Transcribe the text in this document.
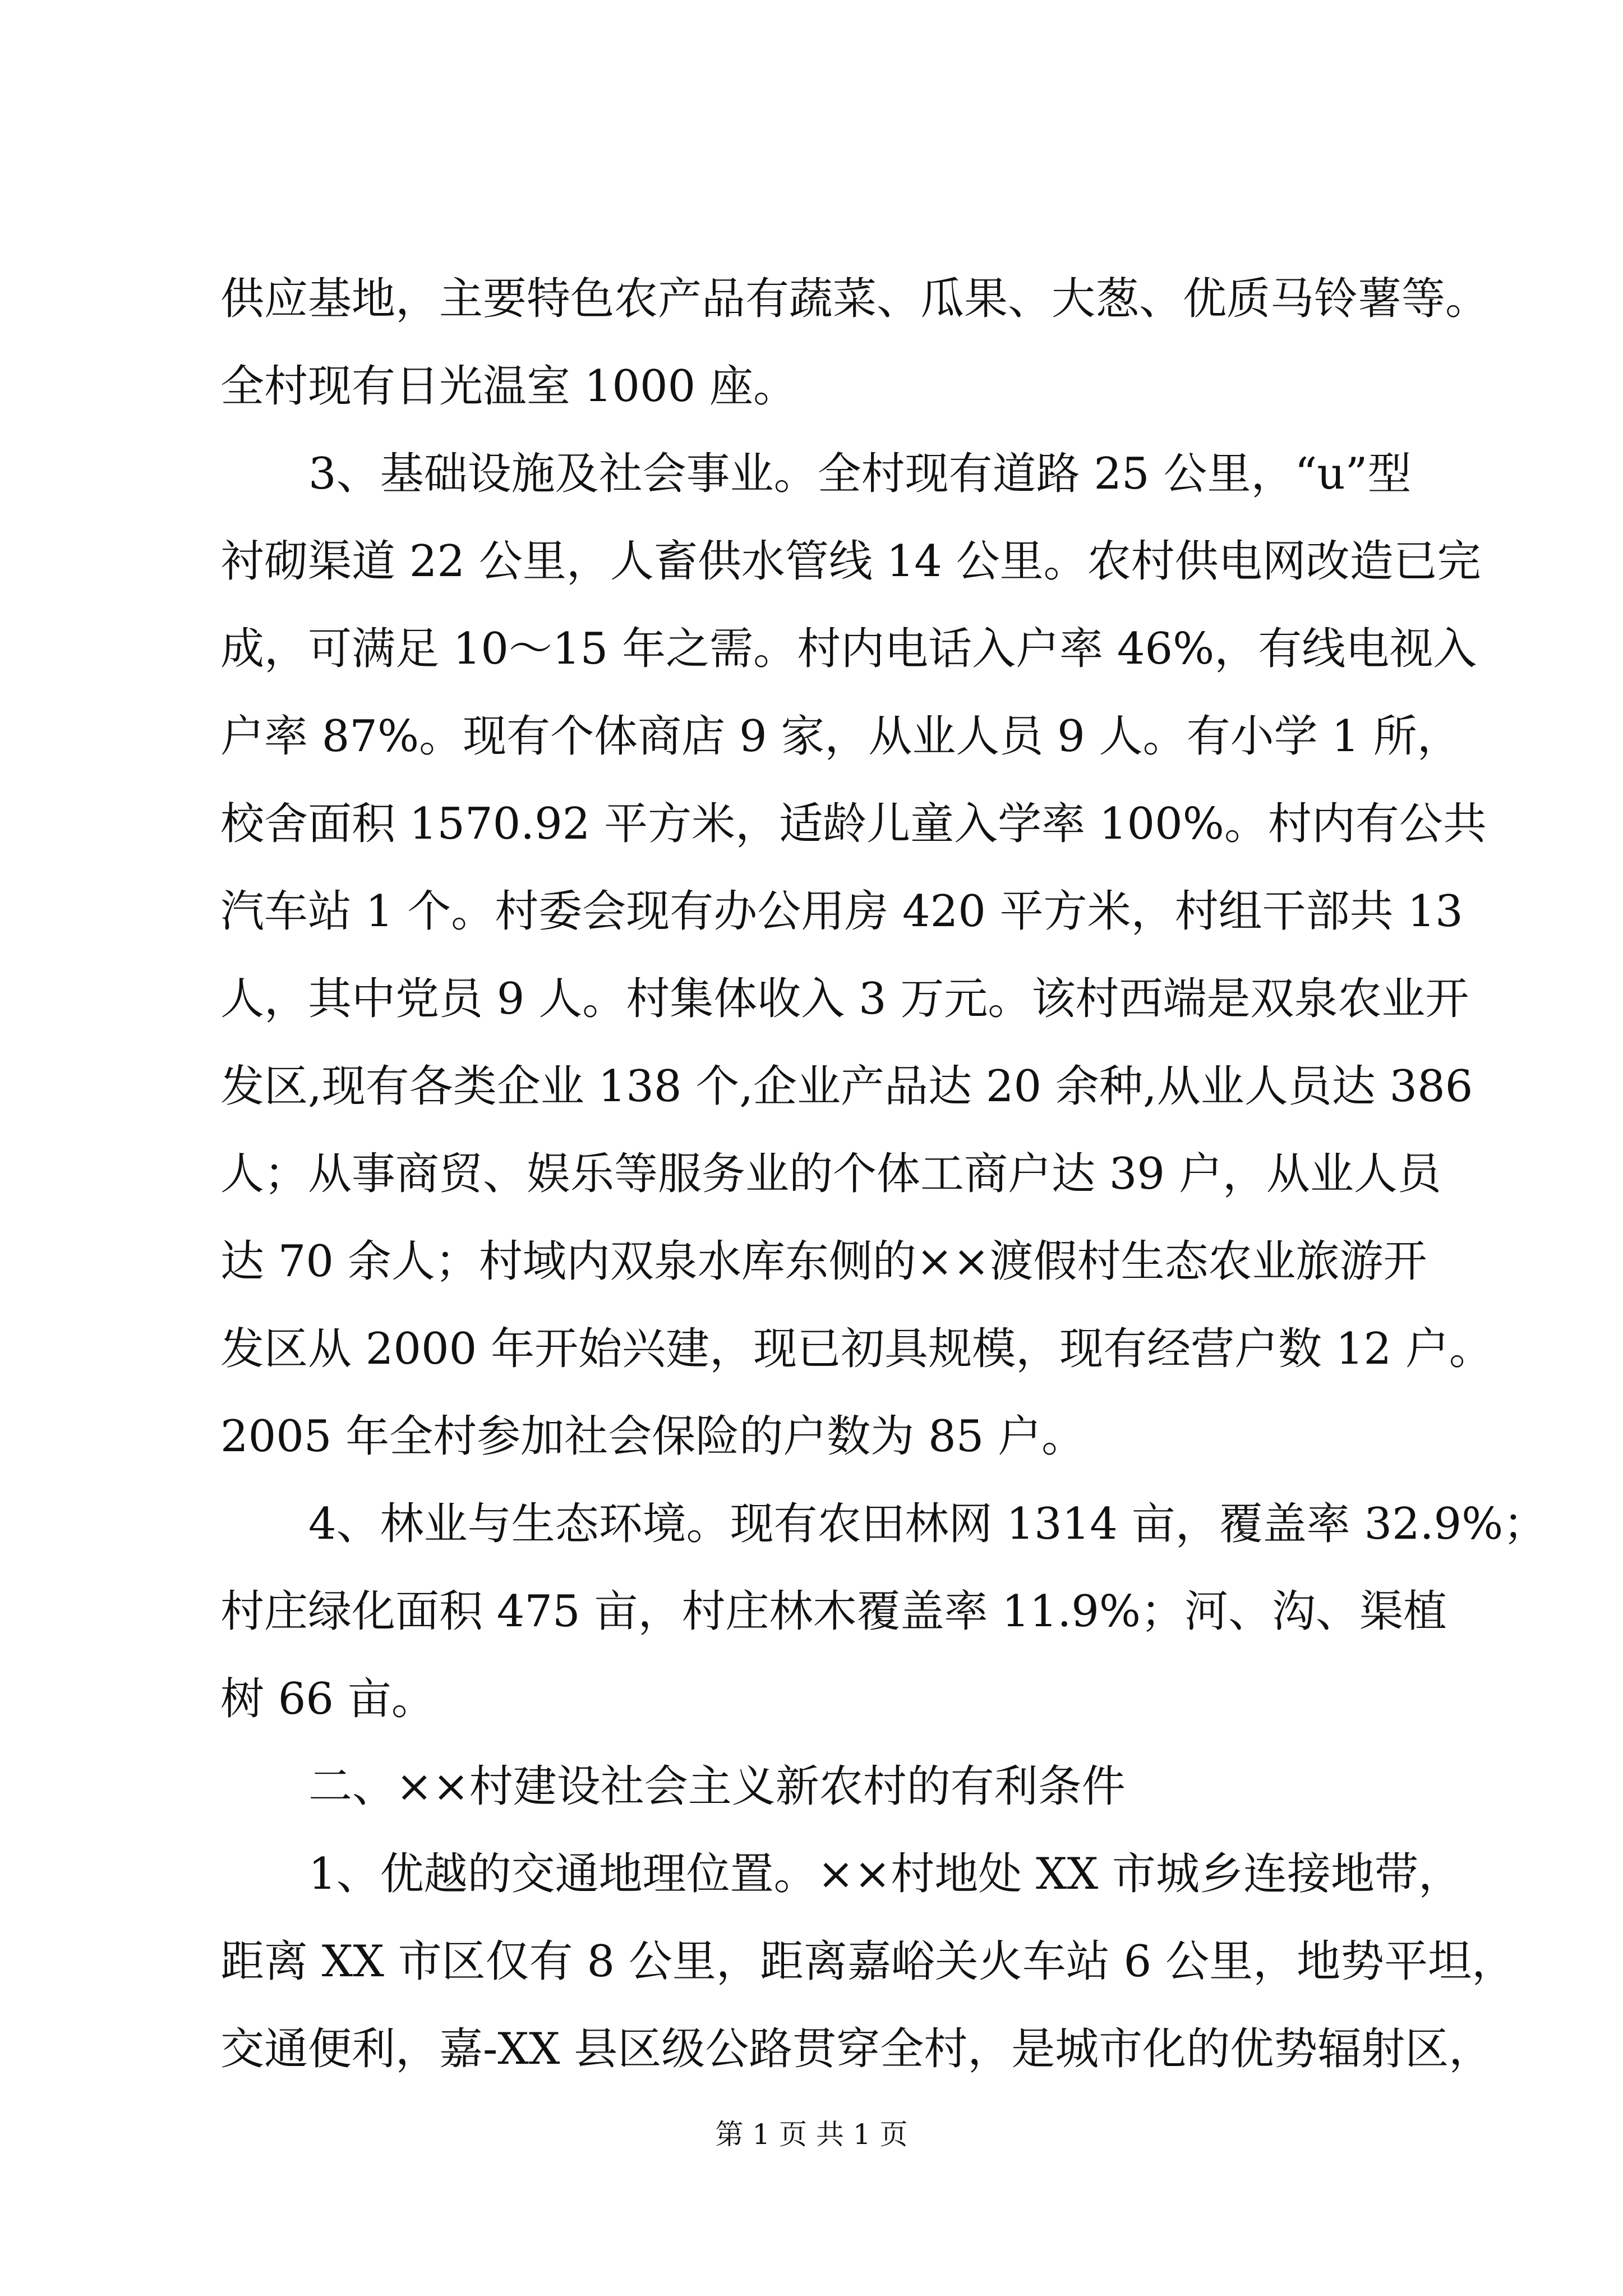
供应基地，主要特色农产品有蔬菜、瓜果、大葱、优质马铃薯等。
全村现有日光温室 1000 座。
3、基础设施及社会事业。全村现有道路 25 公里，“u”型
衬砌渠道 22 公里，人畜供水管线 14 公里。农村供电网改造已完
成，可满足 10～15 年之需。村内电话入户率 46%，有线电视入
户率 87%。现有个体商店 9 家，从业人员 9 人。有小学 1 所，
校舍面积 1570.92 平方米，适龄儿童入学率 100%。村内有公共
汽车站 1 个。村委会现有办公用房 420 平方米，村组干部共 13
人，其中党员 9 人。村集体收入 3 万元。该村西端是双泉农业开
发区,现有各类企业 138 个,企业产品达 20 余种,从业人员达 386
人；从事商贸、娱乐等服务业的个体工商户达 39 户，从业人员
达 70 余人；村域内双泉水库东侧的××渡假村生态农业旅游开
发区从 2000 年开始兴建，现已初具规模，现有经营户数 12 户。
2005 年全村参加社会保险的户数为 85 户。
4、林业与生态环境。现有农田林网 1314 亩，覆盖率 32.9%；
村庄绿化面积 475 亩，村庄林木覆盖率 11.9%；河、沟、渠植
树 66 亩。
二、××村建设社会主义新农村的有利条件
1、优越的交通地理位置。××村地处 XX 市城乡连接地带，
距离 XX 市区仅有 8 公里，距离嘉峪关火车站 6 公里，地势平坦，
交通便利，嘉-XX 县区级公路贯穿全村，是城市化的优势辐射区，
第 1 页 共 1 页
